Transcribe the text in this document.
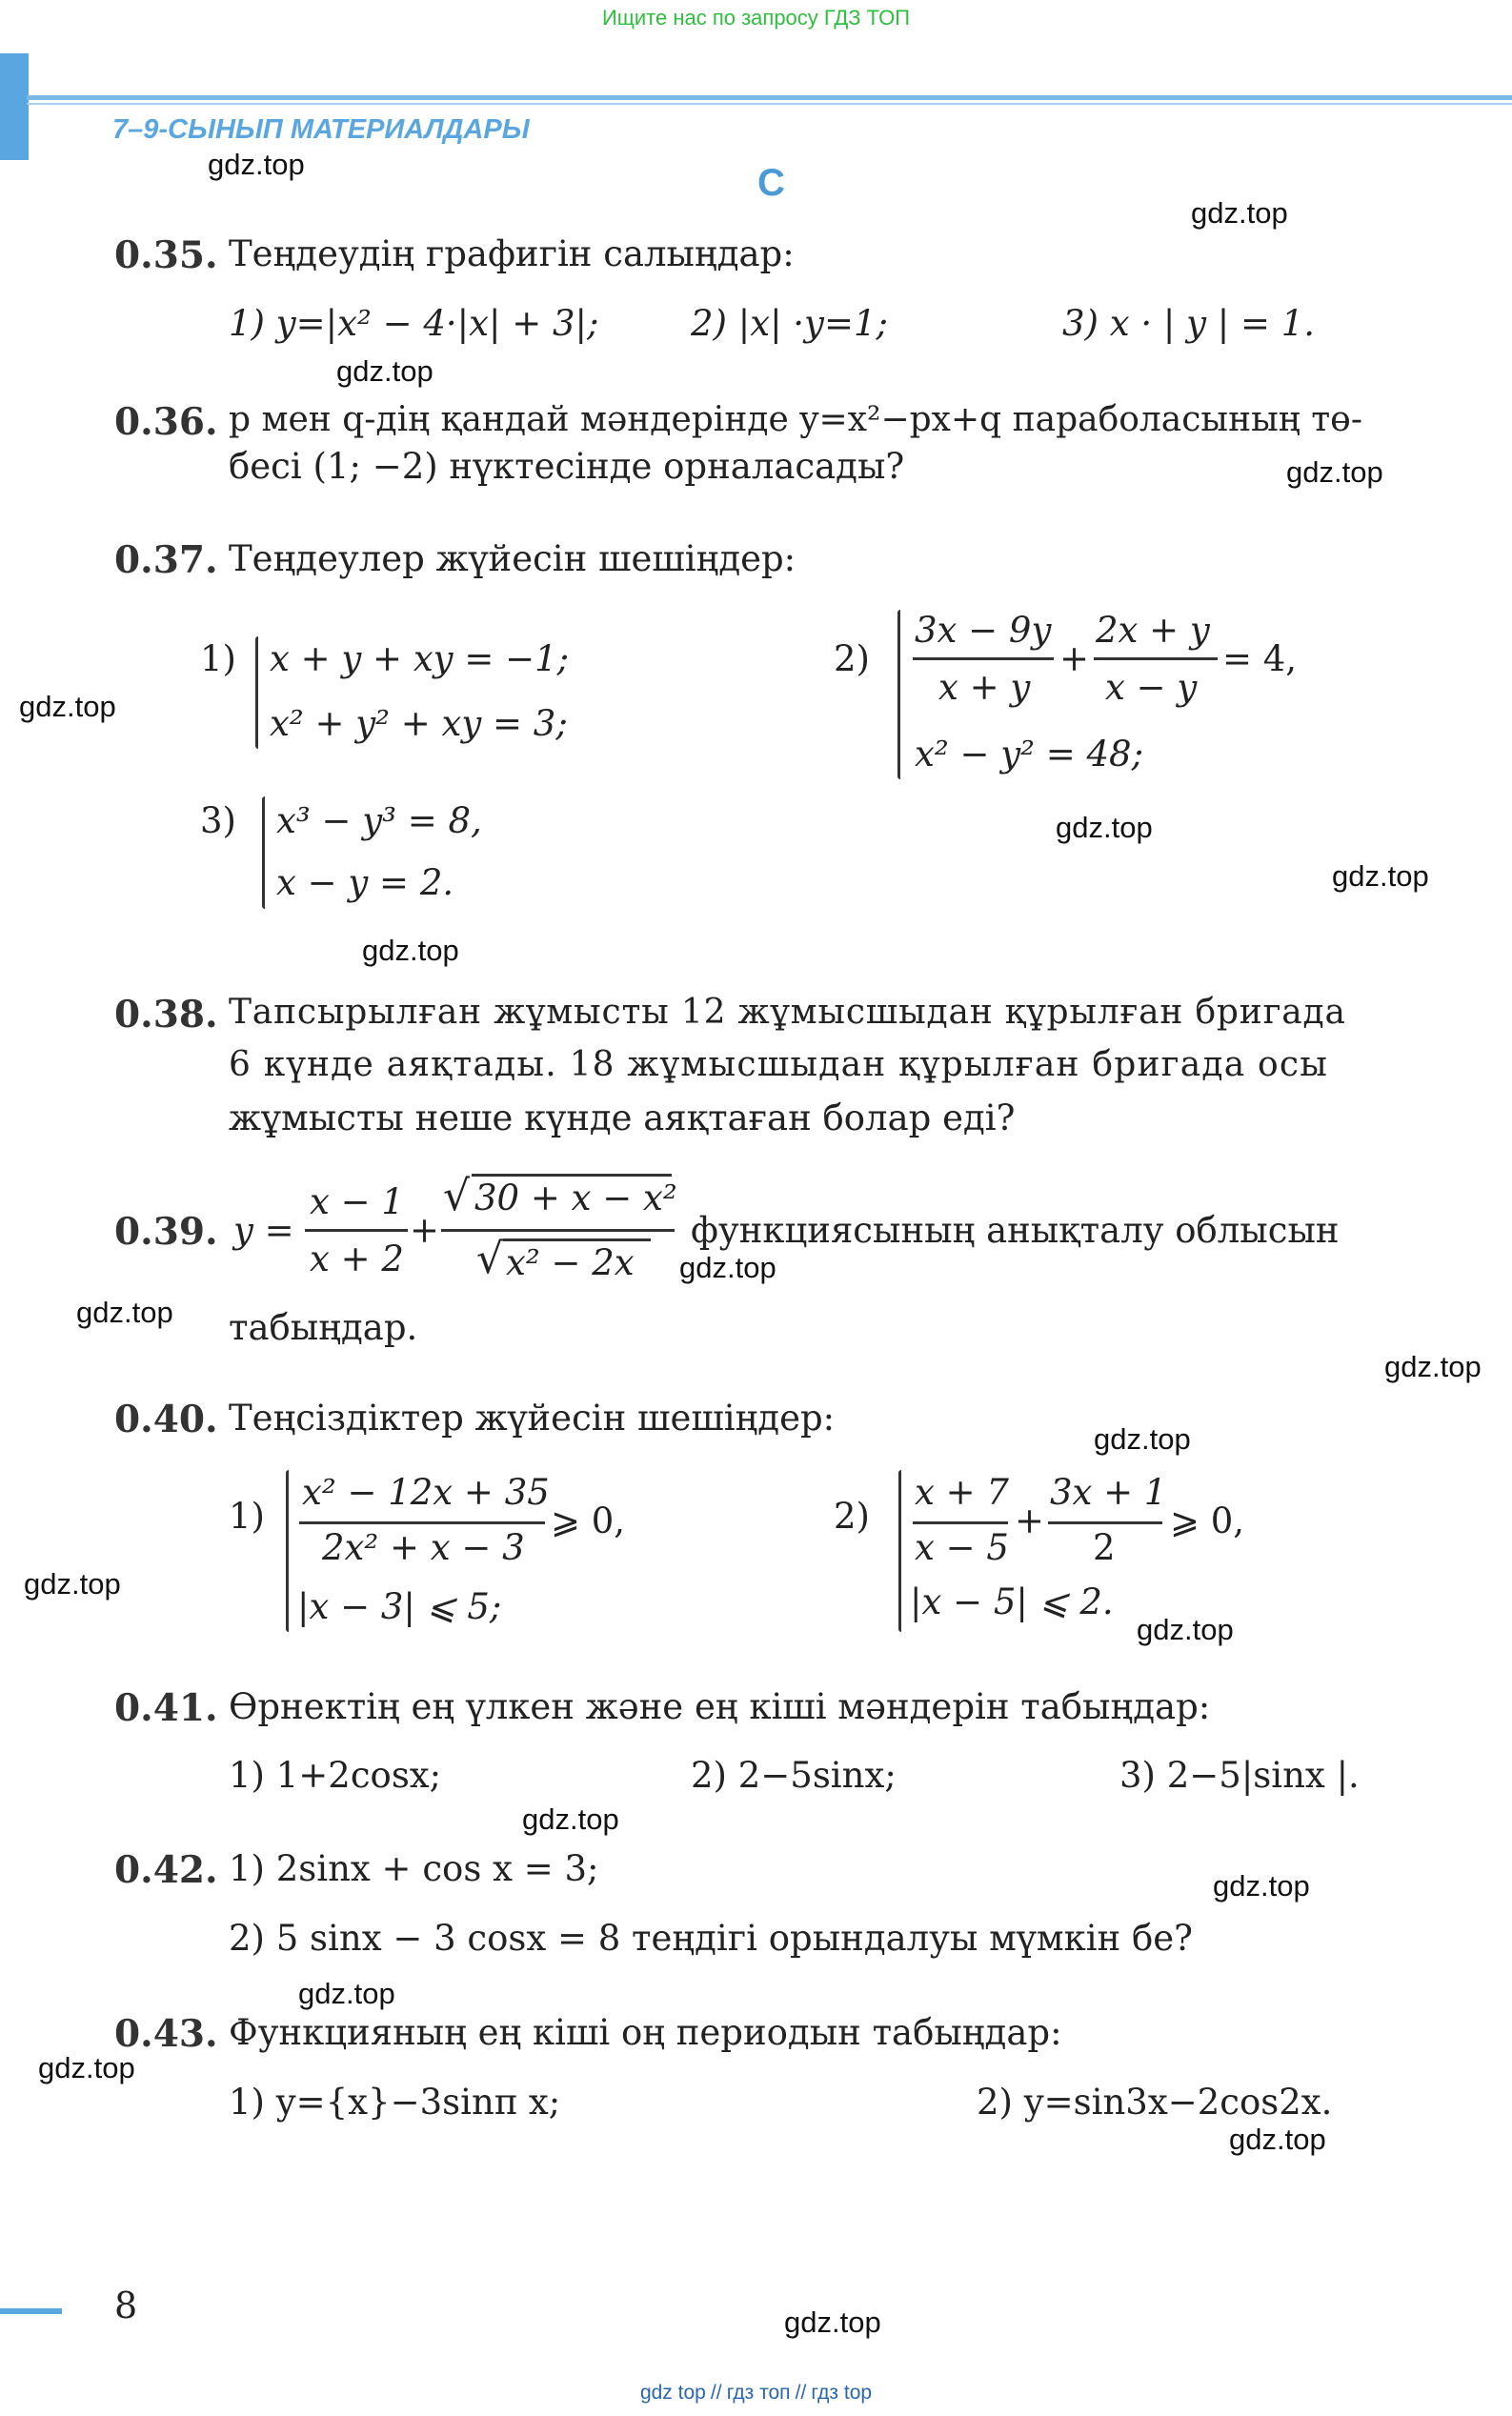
Ищите нас по запросу ГДЗ ТОП
7–9-СЫНЫП МАТЕРИАЛДАРЫ
С
gdz.top
gdz.top
gdz.top
gdz.top
gdz.top
gdz.top
gdz.top
gdz.top
gdz.top
gdz.top
gdz.top
gdz.top
gdz.top
gdz.top
gdz.top
gdz.top
gdz.top
gdz.top
gdz.top
gdz.top
0.35. Теңдеудің графигін салыңдар:
1) y=|x² − 4·|x| + 3|;	2) |x| ·y=1;	3) x · | y | = 1.
0.36. p мен q-дің қандай мәндерінде y=x²−px+q параболасының тө-
бесі (1; −2) нүктесінде орналасады?
0.37. Теңдеулер жүйесін шешіңдер:
1) x + y + xy = −1;
x² + y² + xy = 3;
2)
3x − 9y
x + y
+
2x + y
x − y
= 4,
x² − y² = 48;
3) x³ − y³ = 8,
x − y = 2.
0.38. Тапсырылған жұмысты 12 жұмысшыдан құрылған бригада
6 күнде аяқтады. 18 жұмысшыдан құрылған бригада осы
жұмысты неше күнде аяқтаған болар еді?
0.39. y =
x − 1
x + 2
+
√ 30 + x − x²
√ x² − 2x
функциясының анықталу облысын
табыңдар.
0.40. Теңсіздіктер жүйесін шешіңдер:
1)
x² − 12x + 35
2x² + x − 3
⩾ 0,
|x − 3| ⩽ 5;
2)
x + 7
x − 5
+
3x + 1
2
⩾ 0,
|x − 5| ⩽ 2.
0.41. Өрнектің ең үлкен және ең кіші мәндерін табыңдар:
1) 1+2cosx;	2) 2−5sinx;	3) 2−5|sinx |.
0.42. 1) 2sinx + cos x = 3;
2) 5 sinx − 3 cosx = 8 теңдігі орындалуы мүмкін бе?
0.43. Функцияның ең кіші оң периодын табыңдар:
1) y={x}−3sinπ x;	2) y=sin3x−2cos2x.
8
gdz top // гдз топ // гдз top
